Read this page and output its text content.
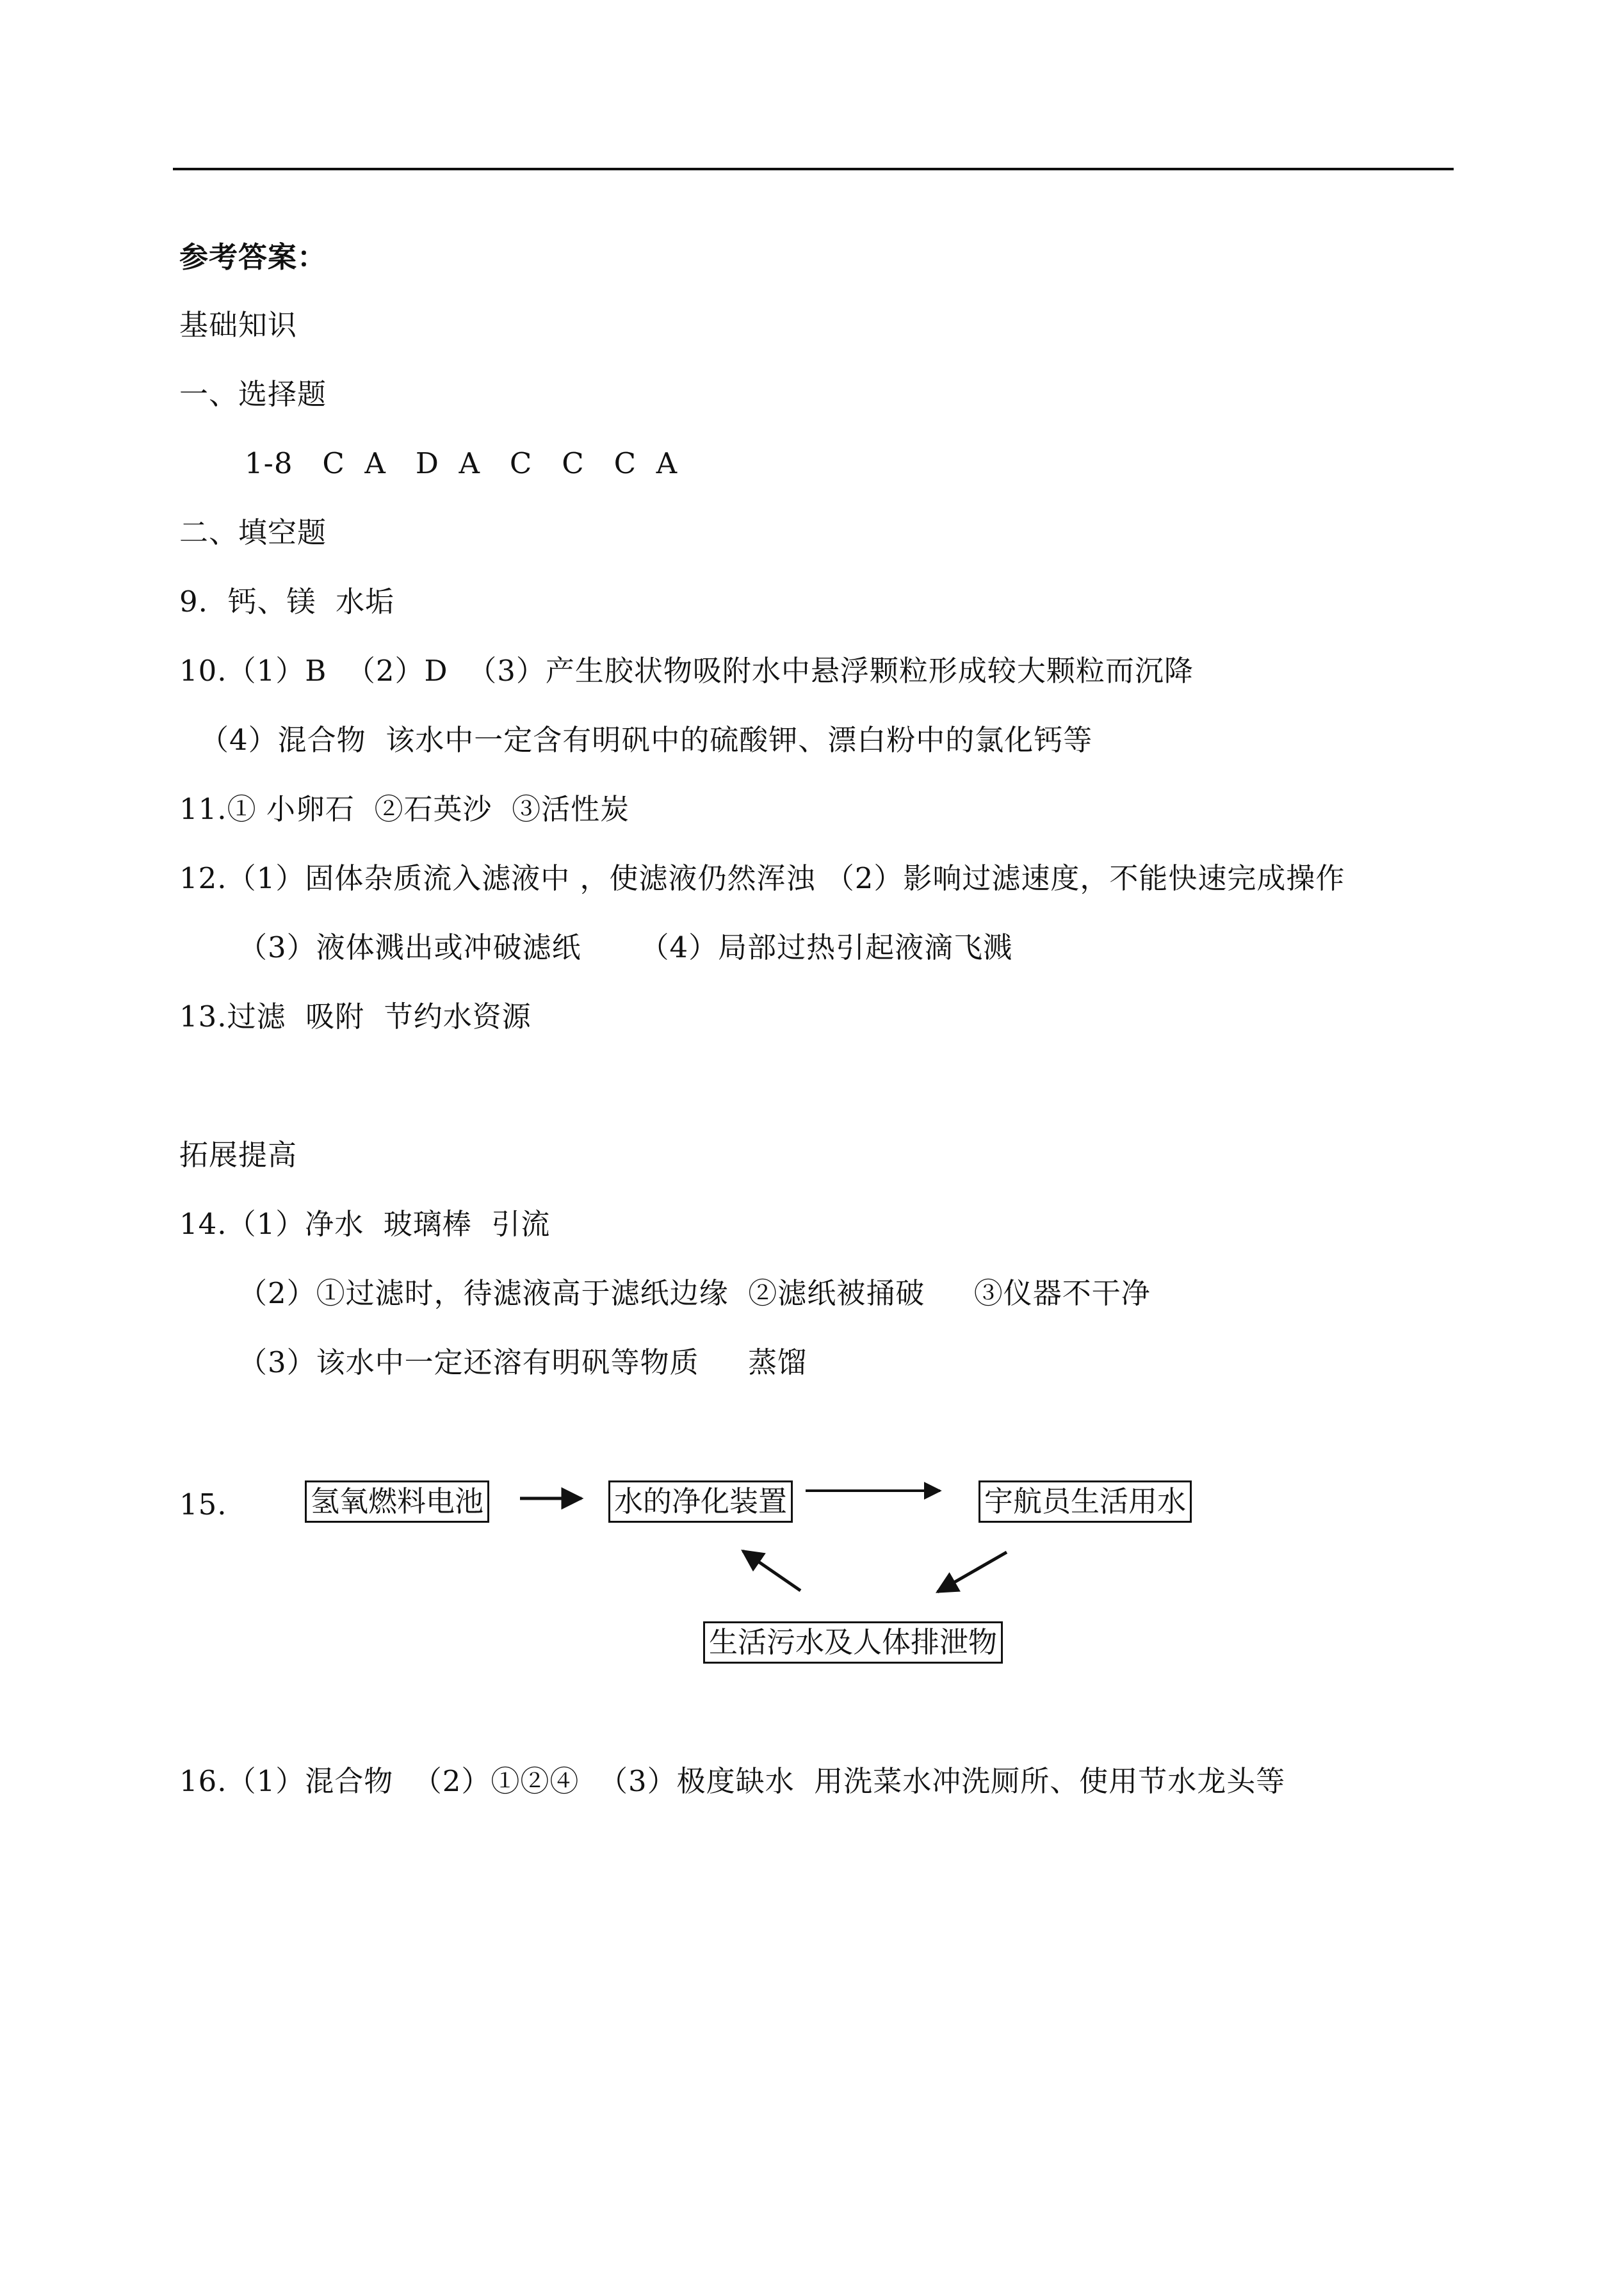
参考答案：
基础知识
一、选择题
1-8   C  A   D  A   C   C   C  A
二、填空题
9.  钙、镁  水垢
10.（1）B  （2）D  （3）产生胶状物吸附水中悬浮颗粒形成较大颗粒而沉降
（4）混合物  该水中一定含有明矾中的硫酸钾、漂白粉中的氯化钙等
11.① 小卵石  ②石英沙  ③活性炭
12.（1）固体杂质流入滤液中 ，使滤液仍然浑浊 （2）影响过滤速度，不能快速完成操作
（3）液体溅出或冲破滤纸      （4）局部过热引起液滴飞溅
13.过滤  吸附  节约水资源
拓展提高
14.（1）净水  玻璃棒  引流
（2）①过滤时，待滤液高于滤纸边缘  ②滤纸被捅破     ③仪器不干净
（3）该水中一定还溶有明矾等物质     蒸馏
15.	氢氧燃料电池	水的净化装置	宇航员生活用水
生活污水及人体排泄物
16.（1）混合物  （2）①②④  （3）极度缺水  用洗菜水冲洗厕所、使用节水龙头等
